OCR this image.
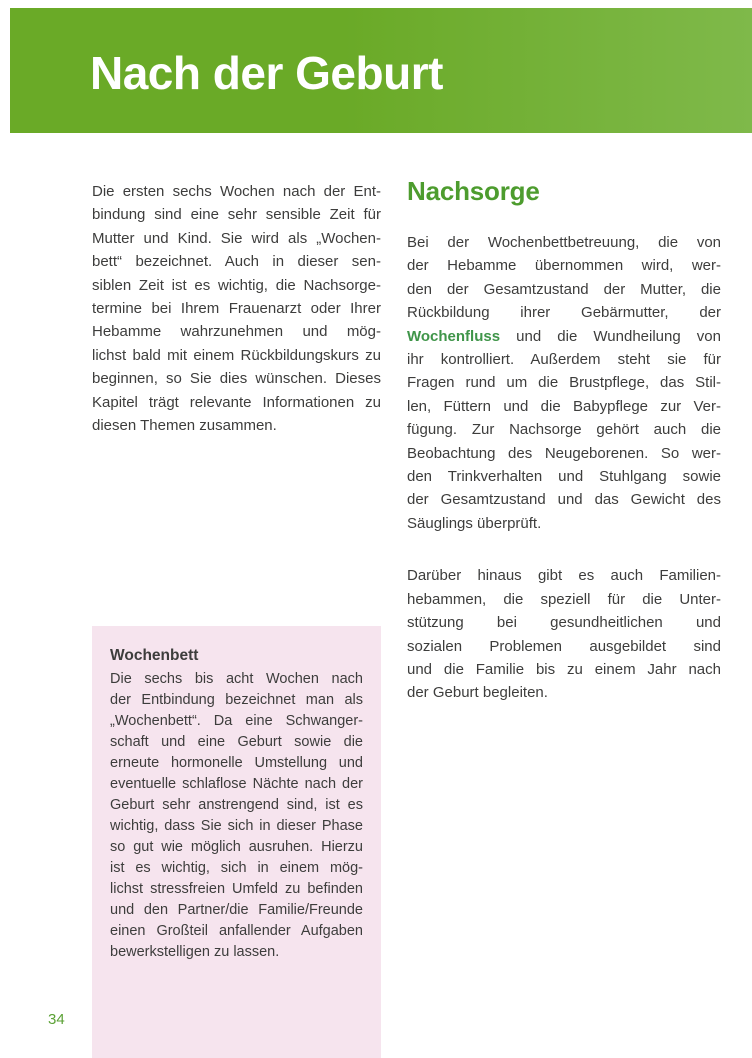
Nach der Geburt
Die ersten sechs Wochen nach der Ent-
bindung sind eine sehr sensible Zeit für
Mutter und Kind. Sie wird als „Wochen-
bett“ bezeichnet. Auch in dieser sen-
siblen Zeit ist es wichtig, die Nachsorge-
termine bei Ihrem Frauenarzt oder Ihrer
Hebamme wahrzunehmen und mög-
lichst bald mit einem Rückbildungskurs zu
beginnen, so Sie dies wünschen. Dieses
Kapitel trägt relevante Informationen zu
diesen Themen zusammen.
Nachsorge
Bei der Wochenbettbetreuung, die von
der Hebamme übernommen wird, wer-
den der Gesamtzustand der Mutter, die
Rückbildung ihrer Gebärmutter, der
Wochenfluss und die Wundheilung von
ihr kontrolliert. Außerdem steht sie für
Fragen rund um die Brustpflege, das Stil-
len, Füttern und die Babypflege zur Ver-
fügung. Zur Nachsorge gehört auch die
Beobachtung des Neugeborenen. So wer-
den Trinkverhalten und Stuhlgang sowie
der Gesamtzustand und das Gewicht des
Säuglings überprüft.
Darüber hinaus gibt es auch Familien-
hebammen, die speziell für die Unter-
stützung bei gesundheitlichen und
sozialen Problemen ausgebildet sind
und die Familie bis zu einem Jahr nach
der Geburt begleiten.
Wochenbett
Die sechs bis acht Wochen nach
der Entbindung bezeichnet man als
„Wochenbett“. Da eine Schwanger-
schaft und eine Geburt sowie die
erneute hormonelle Umstellung und
eventuelle schlaflose Nächte nach der
Geburt sehr anstrengend sind, ist es
wichtig, dass Sie sich in dieser Phase
so gut wie möglich ausruhen. Hierzu
ist es wichtig, sich in einem mög-
lichst stressfreien Umfeld zu befinden
und den Partner/die Familie/Freunde
einen Großteil anfallender Aufgaben
bewerkstelligen zu lassen.
34
